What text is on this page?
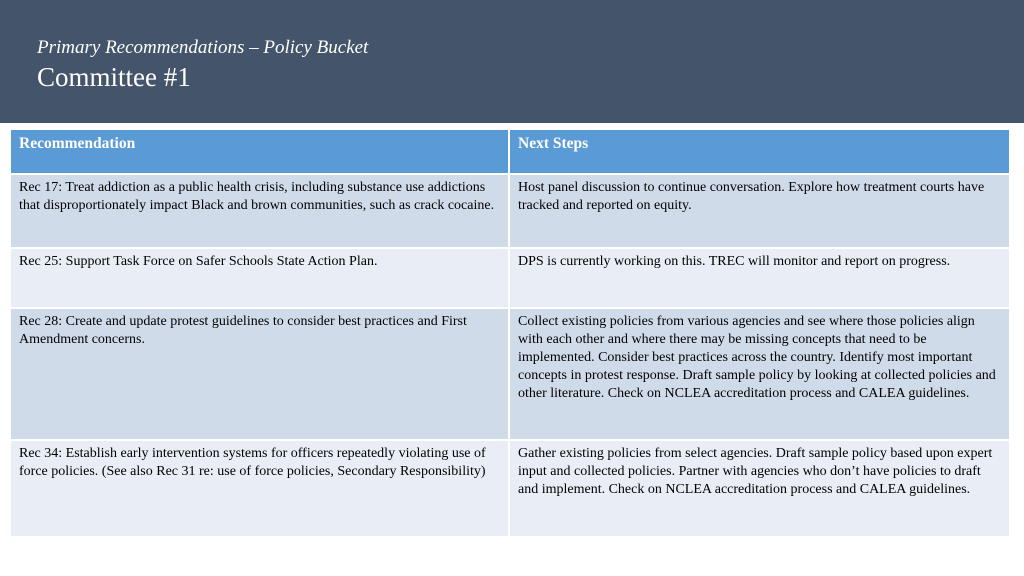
Primary Recommendations – Policy Bucket
Committee #1
Recommendation	Next Steps
Rec 17: Treat addiction as a public health crisis, including substance use addictions that disproportionately impact Black and brown communities, such as crack cocaine.	Host panel discussion to continue conversation. Explore how treatment courts have tracked and reported on equity.
Rec 25: Support Task Force on Safer Schools State Action Plan.	DPS is currently working on this. TREC will monitor and report on progress.
Rec 28: Create and update protest guidelines to consider best practices and First Amendment concerns.	Collect existing policies from various agencies and see where those policies align with each other and where there may be missing concepts that need to be implemented. Consider best practices across the country. Identify most important concepts in protest response. Draft sample policy by looking at collected policies and other literature. Check on NCLEA accreditation process and CALEA guidelines.
Rec 34: Establish early intervention systems for officers repeatedly violating use of force policies. (See also Rec 31 re: use of force policies, Secondary Responsibility)	Gather existing policies from select agencies. Draft sample policy based upon expert input and collected policies. Partner with agencies who don’t have policies to draft and implement. Check on NCLEA accreditation process and CALEA guidelines.
